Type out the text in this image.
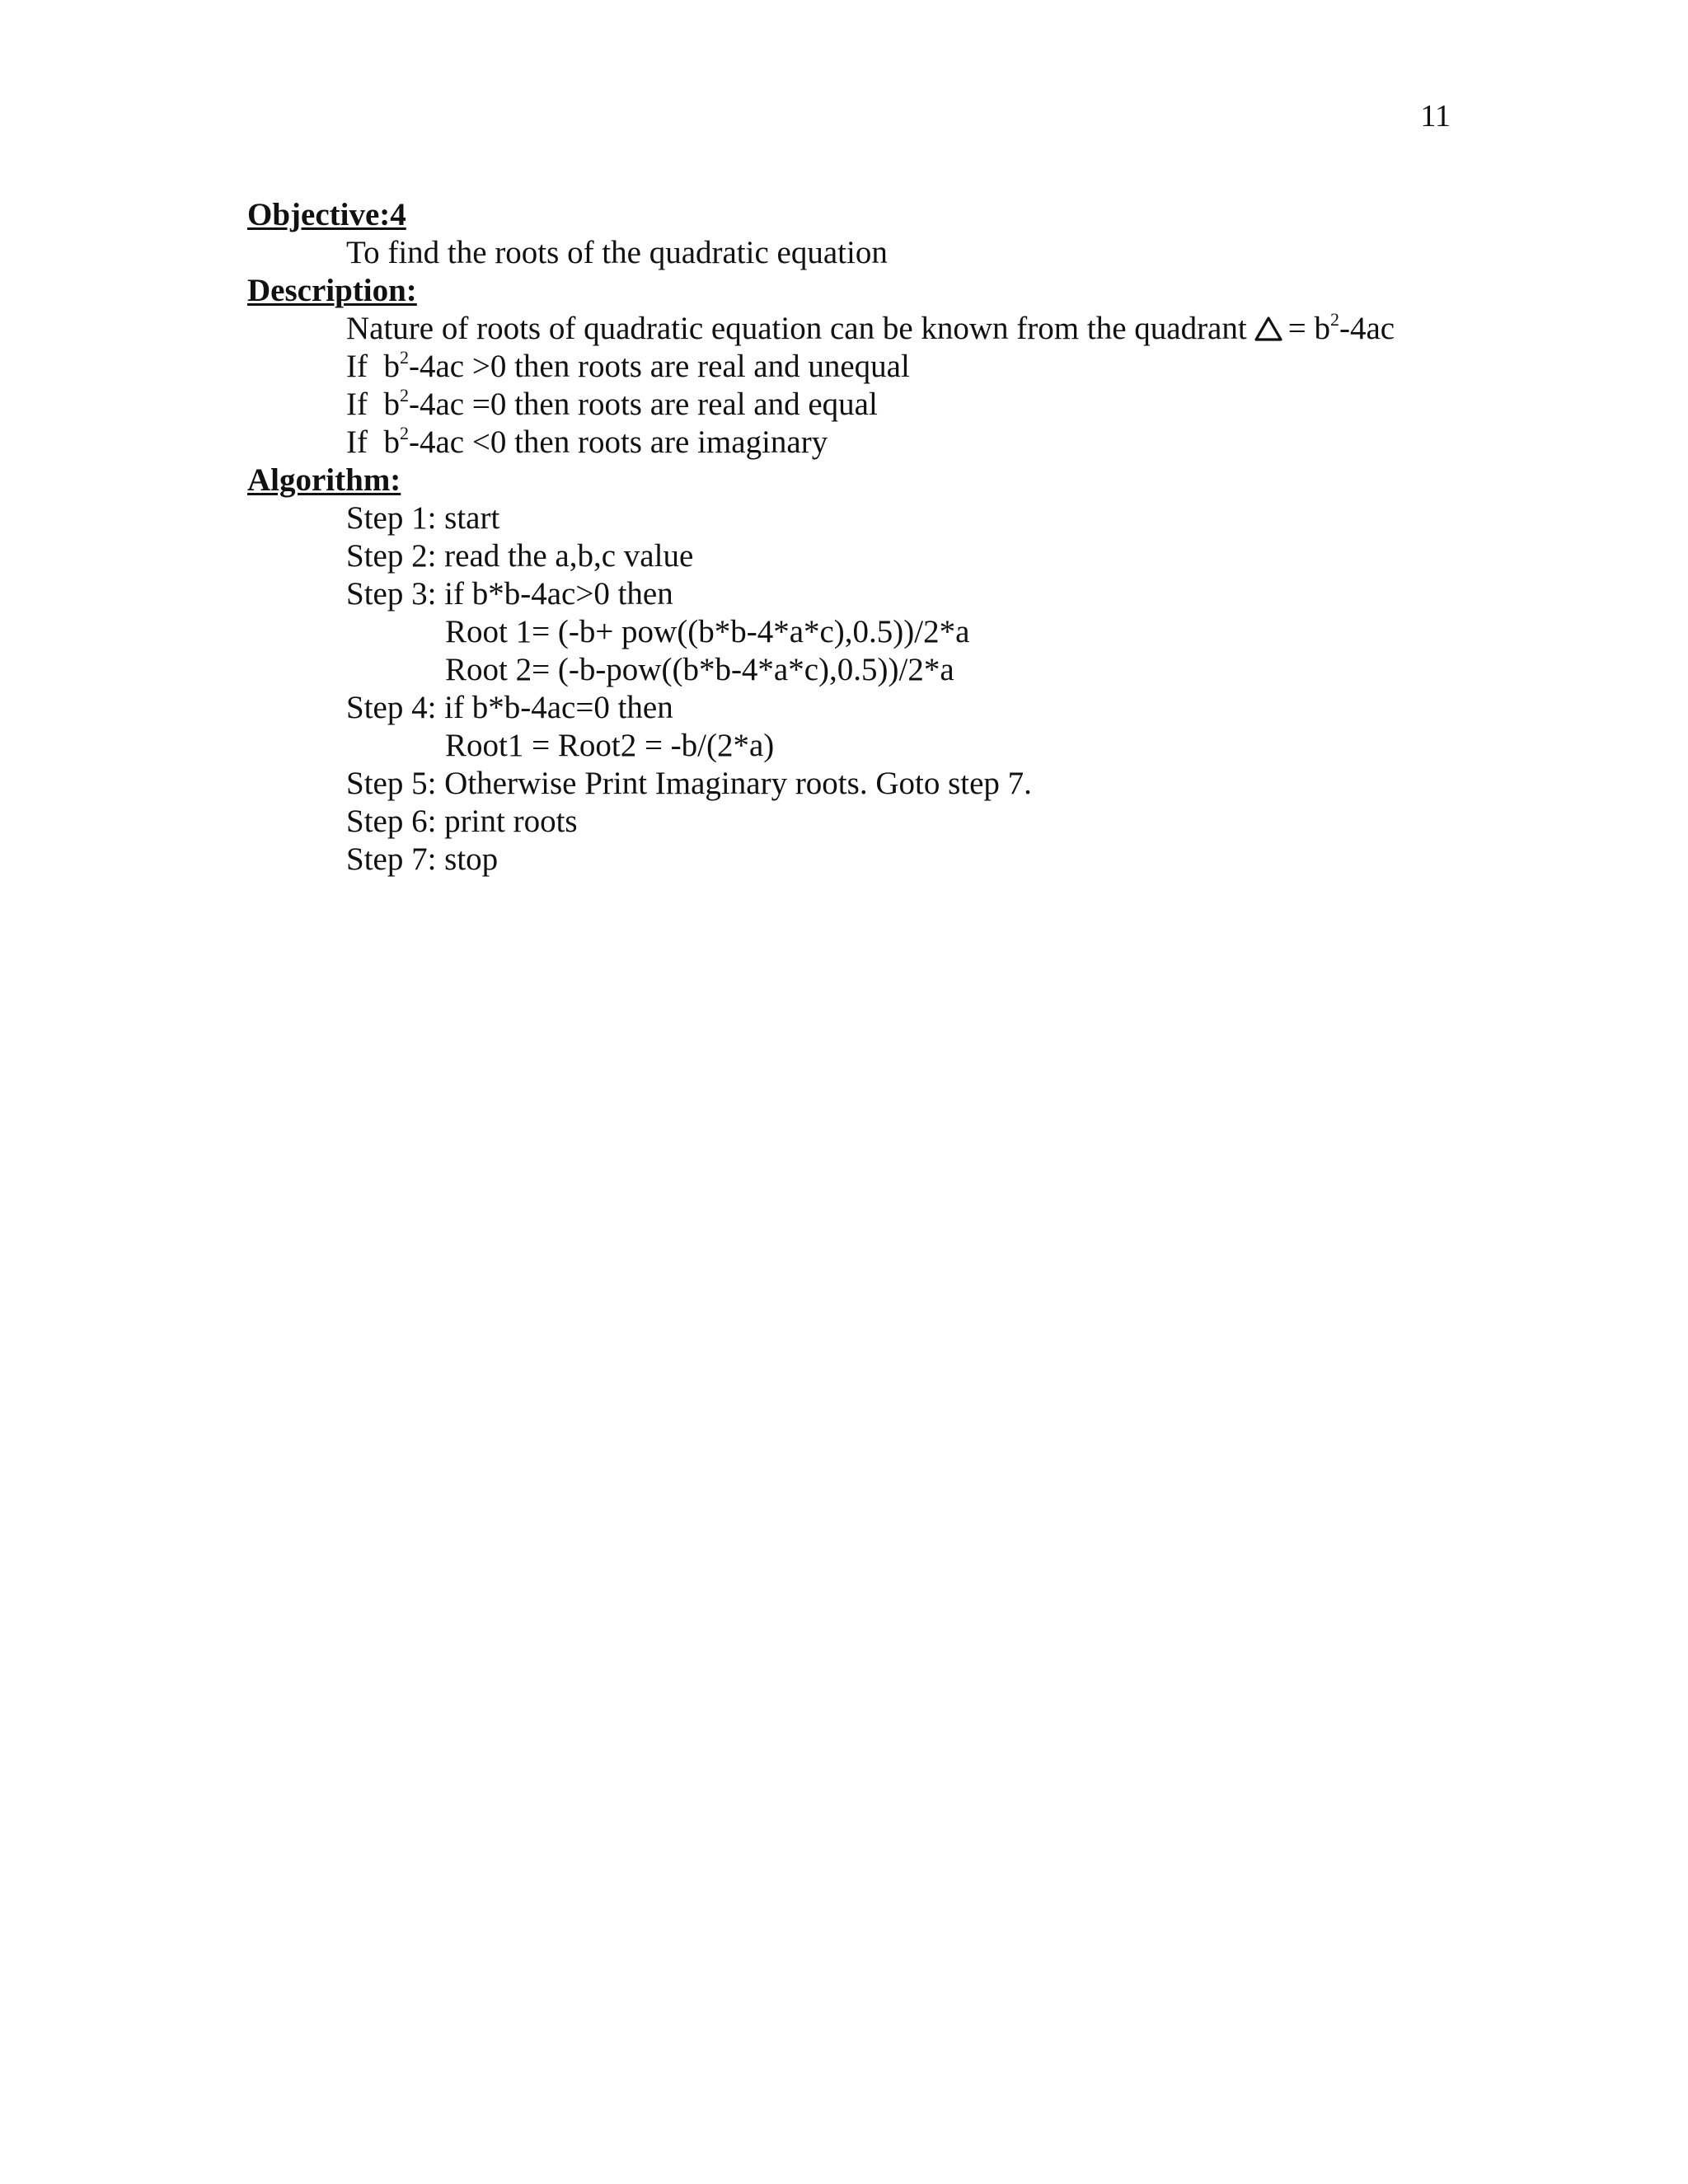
11
Objective:4
To find the roots of the quadratic equation
Description:
Nature of roots of quadratic equation can be known from the quadrant = $b^2-4ac$
If  $b^2-4ac >0$ then roots are real and unequal
If  $b^2-4ac =0$ then roots are real and equal
If  $b^2-4ac <0$ then roots are imaginary
Algorithm:
Step 1: start
Step 2: read the a,b,c value
Step 3: if b*b-4ac>0 then
Root 1= (-b+ pow((b*b-4*a*c),0.5))/2*a
Root 2= (-b-pow((b*b-4*a*c),0.5))/2*a
Step 4: if b*b-4ac=0 then
Root1 = Root2 = -b/(2*a)
Step 5: Otherwise Print Imaginary roots. Goto step 7.
Step 6: print roots
Step 7: stop
